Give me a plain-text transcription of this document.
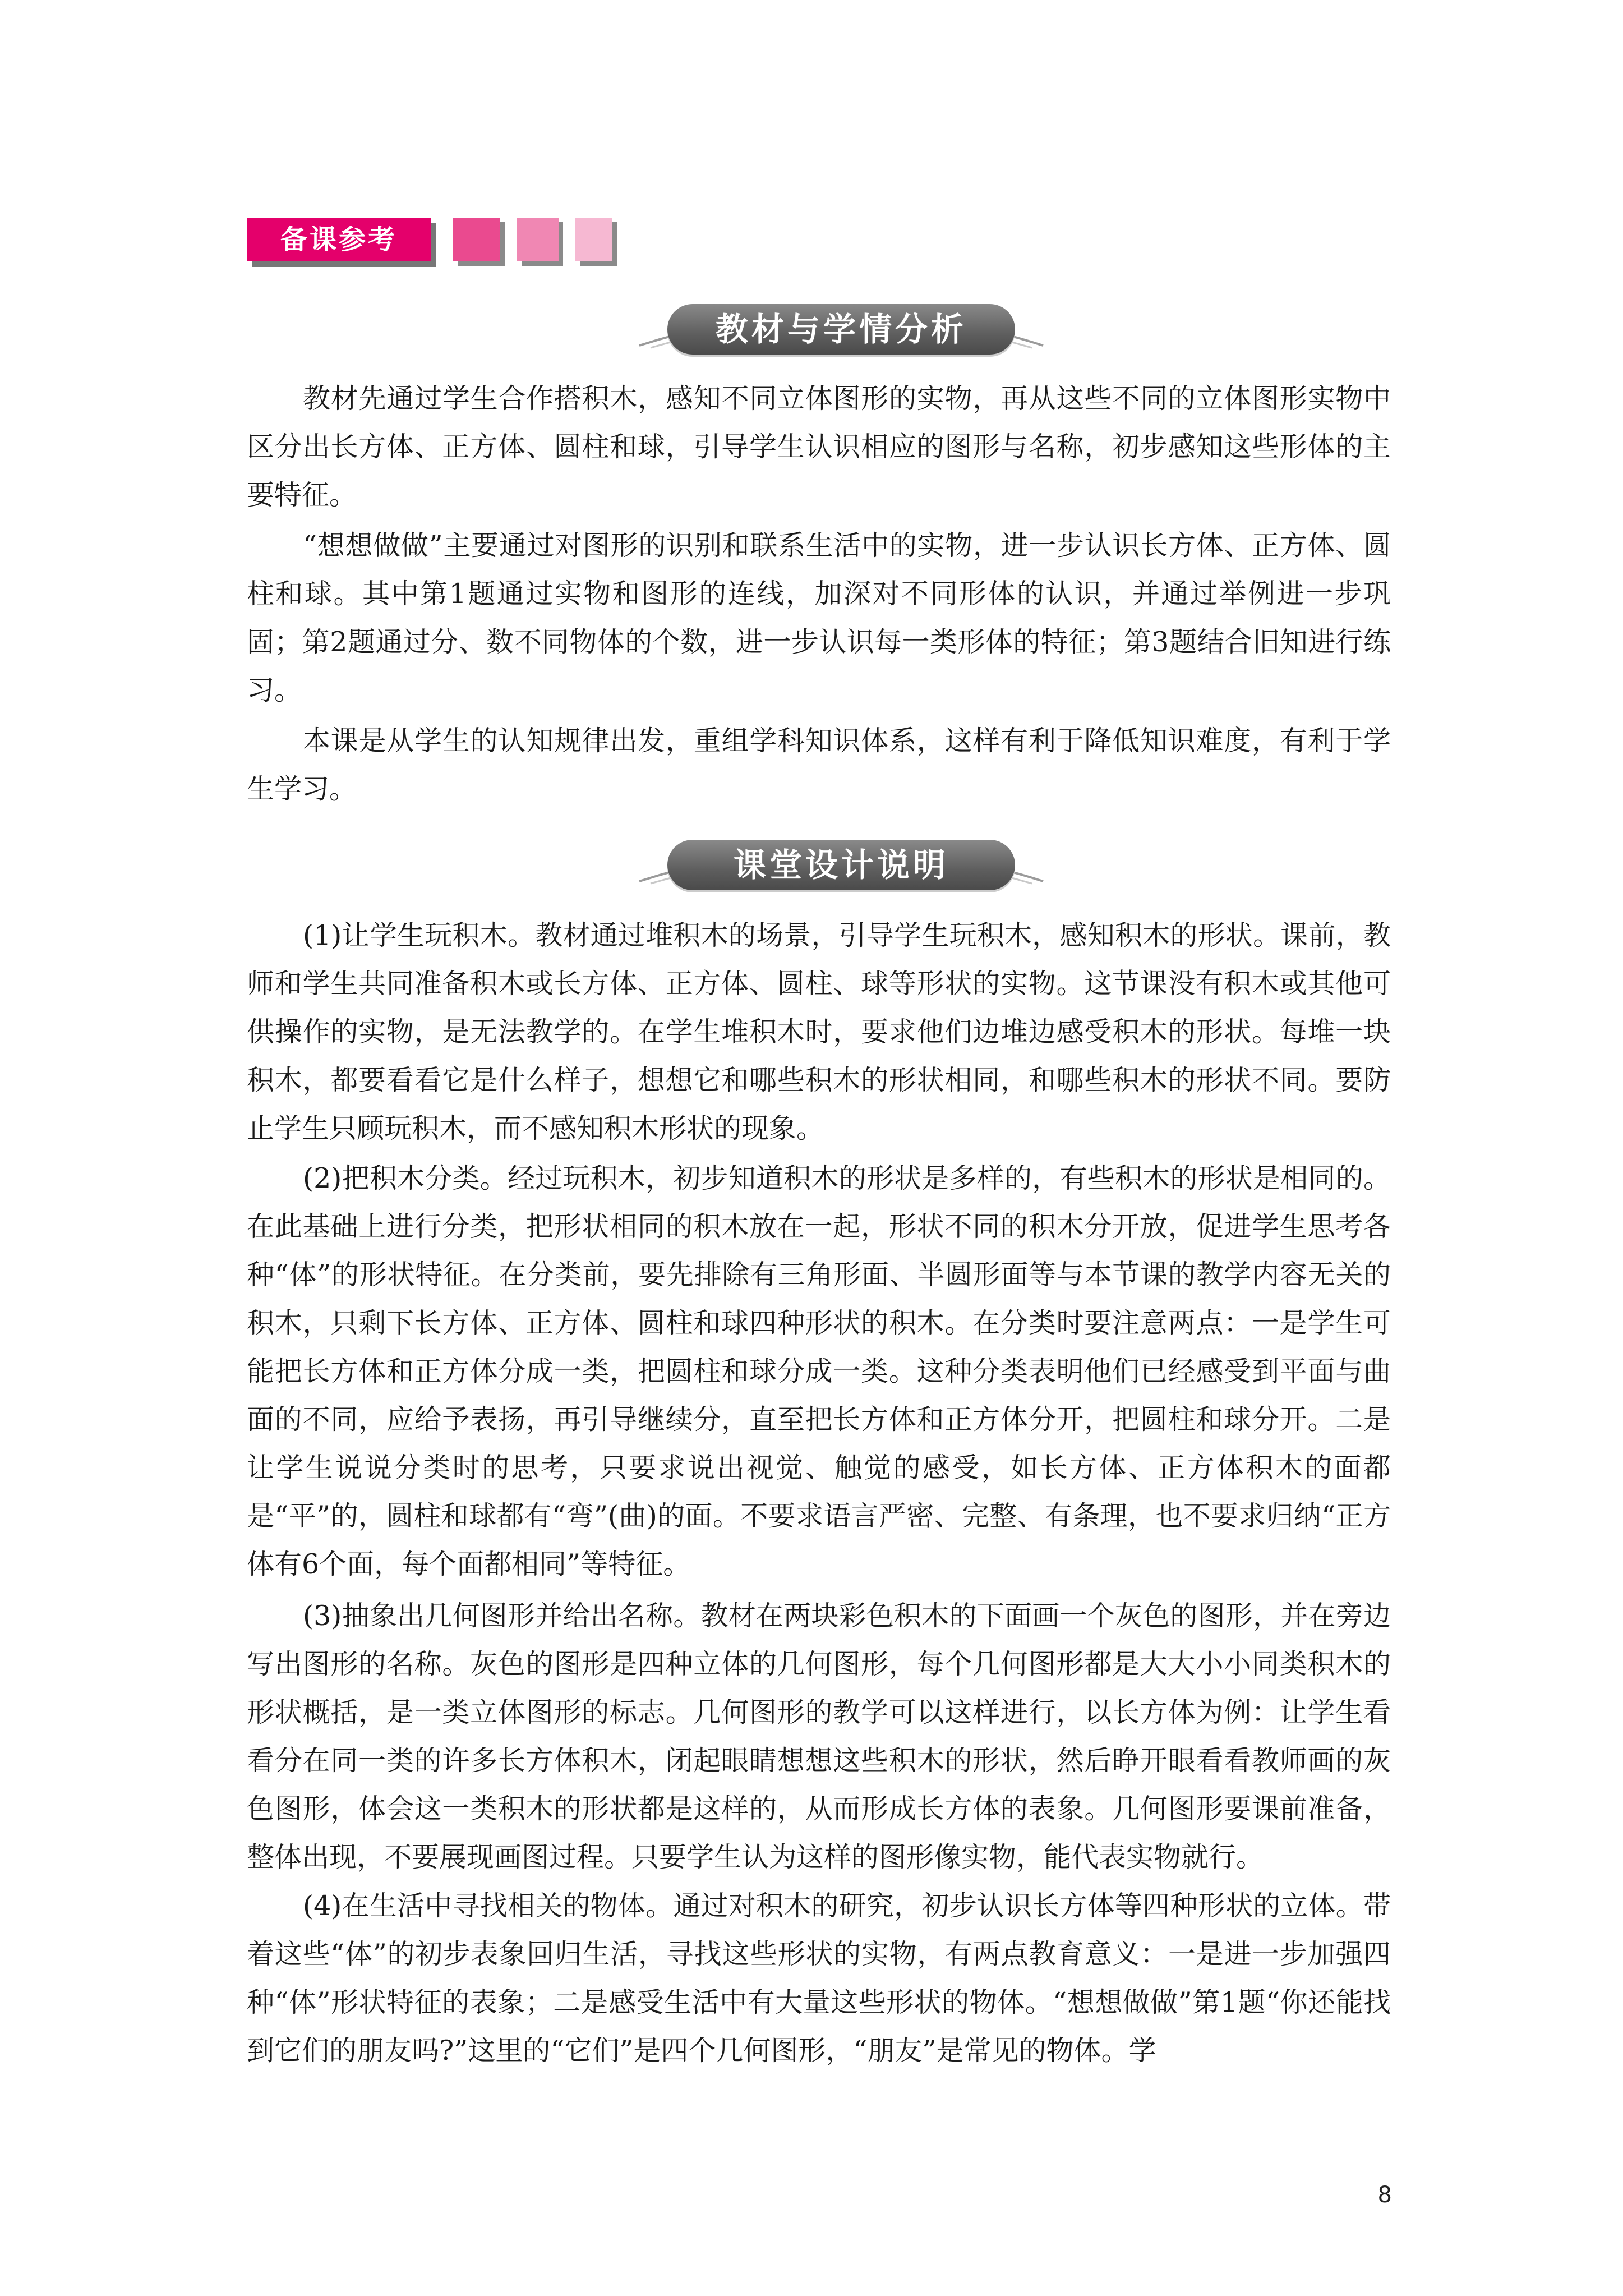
备课参考
教材与学情分析

教材先通过学生合作搭积木，感知不同立体图形的实物，再从这些不同的立体图形实物中区分出长方体、正方体、圆柱和球，引导学生认识相应的图形与名称，初步感知这些形体的主要特征。

“想想做做”主要通过对图形的识别和联系生活中的实物，进一步认识长方体、正方体、圆柱和球。其中第1题通过实物和图形的连线，加深对不同形体的认识，并通过举例进一步巩固；第2题通过分、数不同物体的个数，进一步认识每一类形体的特征；第3题结合旧知进行练习。

本课是从学生的认知规律出发，重组学科知识体系，这样有利于降低知识难度，有利于学生学习。

课堂设计说明

(1)让学生玩积木。教材通过堆积木的场景，引导学生玩积木，感知积木的形状。课前，教师和学生共同准备积木或长方体、正方体、圆柱、球等形状的实物。这节课没有积木或其他可供操作的实物，是无法教学的。在学生堆积木时，要求他们边堆边感受积木的形状。每堆一块积木，都要看看它是什么样子，想想它和哪些积木的形状相同，和哪些积木的形状不同。要防止学生只顾玩积木，而不感知积木形状的现象。

(2)把积木分类。经过玩积木，初步知道积木的形状是多样的，有些积木的形状是相同的。在此基础上进行分类，把形状相同的积木放在一起，形状不同的积木分开放，促进学生思考各种“体”的形状特征。在分类前，要先排除有三角形面、半圆形面等与本节课的教学内容无关的积木，只剩下长方体、正方体、圆柱和球四种形状的积木。在分类时要注意两点：一是学生可能把长方体和正方体分成一类，把圆柱和球分成一类。这种分类表明他们已经感受到平面与曲面的不同，应给予表扬，再引导继续分，直至把长方体和正方体分开，把圆柱和球分开。二是让学生说说分类时的思考，只要求说出视觉、触觉的感受，如长方体、正方体积木的面都是“平”的，圆柱和球都有“弯”(曲)的面。不要求语言严密、完整、有条理，也不要求归纳“正方体有6个面，每个面都相同”等特征。

(3)抽象出几何图形并给出名称。教材在两块彩色积木的下面画一个灰色的图形，并在旁边写出图形的名称。灰色的图形是四种立体的几何图形，每个几何图形都是大大小小同类积木的形状概括，是一类立体图形的标志。几何图形的教学可以这样进行，以长方体为例：让学生看看分在同一类的许多长方体积木，闭起眼睛想想这些积木的形状，然后睁开眼看看教师画的灰色图形，体会这一类积木的形状都是这样的，从而形成长方体的表象。几何图形要课前准备，整体出现，不要展现画图过程。只要学生认为这样的图形像实物，能代表实物就行。

(4)在生活中寻找相关的物体。通过对积木的研究，初步认识长方体等四种形状的立体。带着这些“体”的初步表象回归生活，寻找这些形状的实物，有两点教育意义：一是进一步加强四种“体”形状特征的表象；二是感受生活中有大量这些形状的物体。“想想做做”第1题“你还能找到它们的朋友吗?”这里的“它们”是四个几何图形，“朋友”是常见的物体。学

8
